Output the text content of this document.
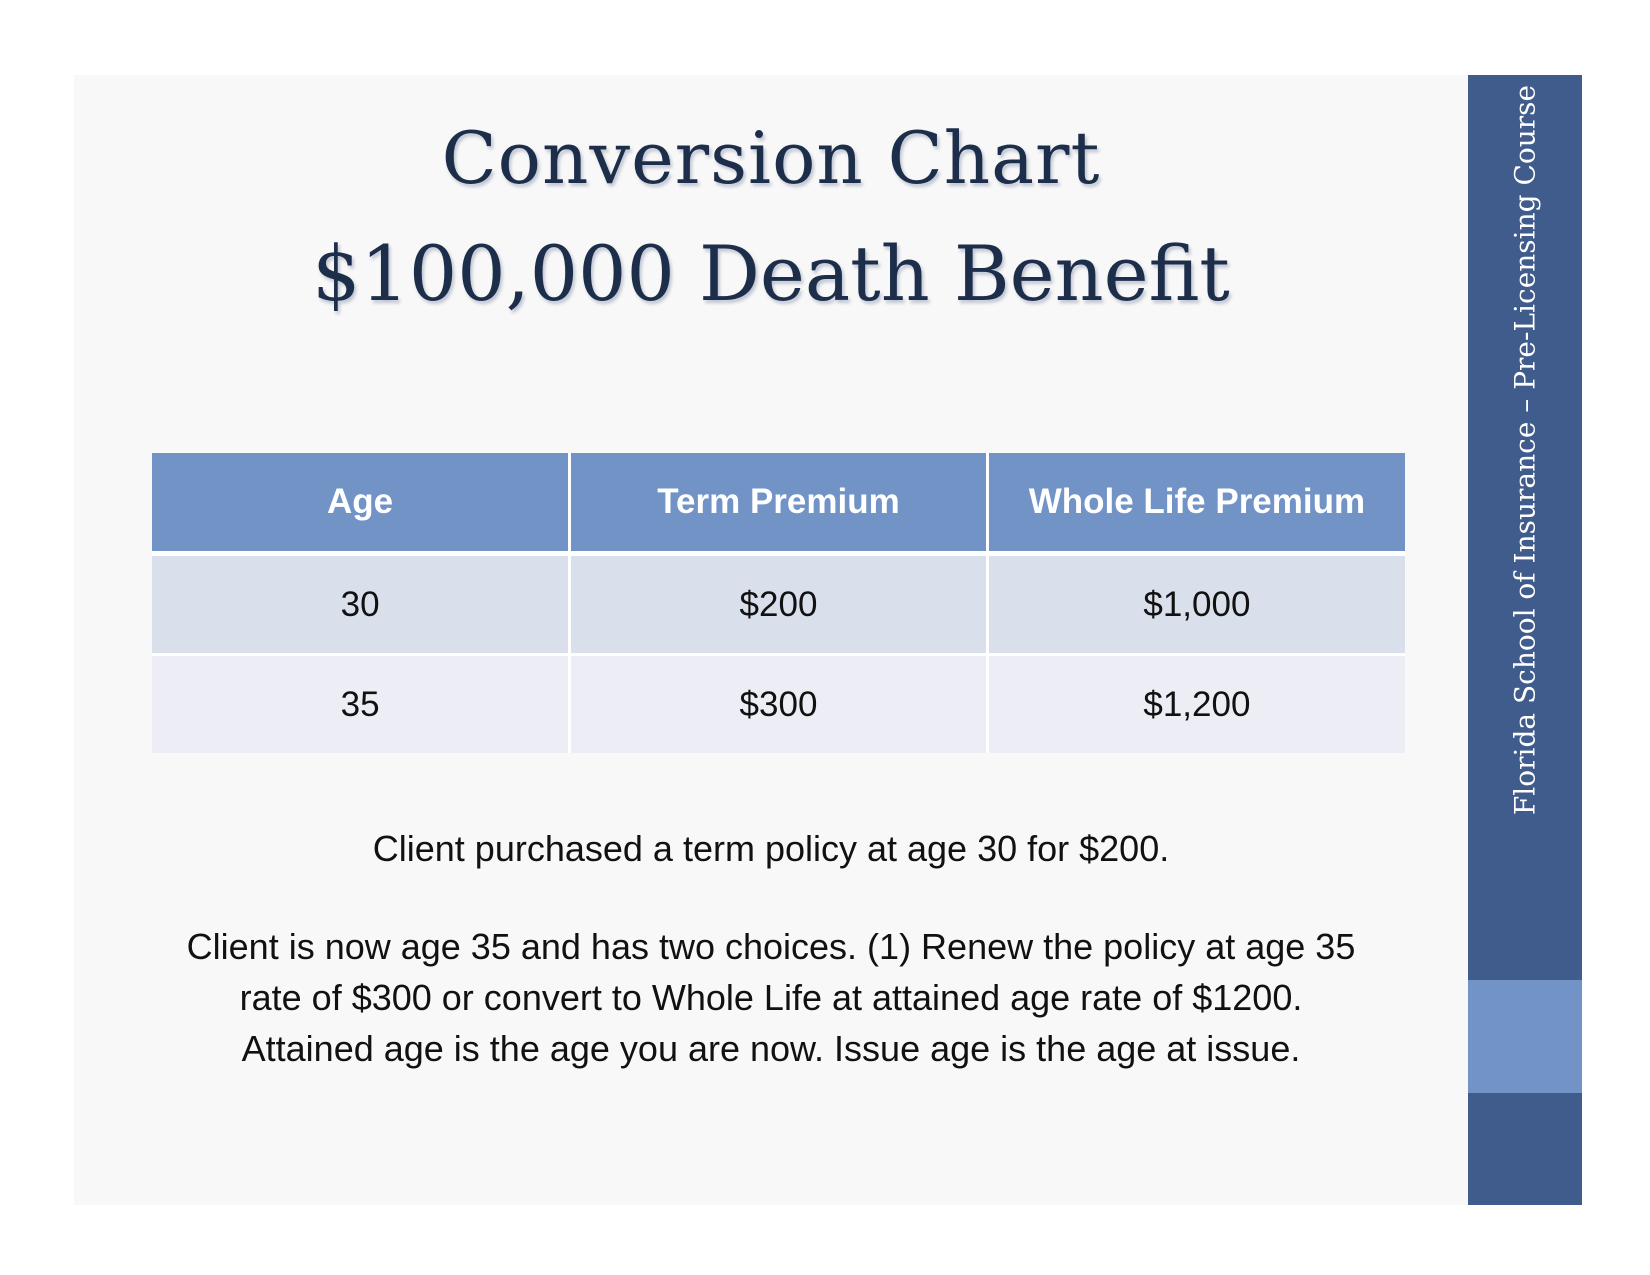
Florida School of Insurance – Pre-Licensing Course
Conversion Chart
$100,000 Death Benefit
Age	Term Premium	Whole Life Premium
30	$200	$1,000
35	$300	$1,200

Client purchased a term policy at age 30 for $200.

Client is now age 35 and has two choices. (1) Renew the policy at age 35
rate of $300 or convert to Whole Life at attained age rate of $1200.
Attained age is the age you are now. Issue age is the age at issue.
